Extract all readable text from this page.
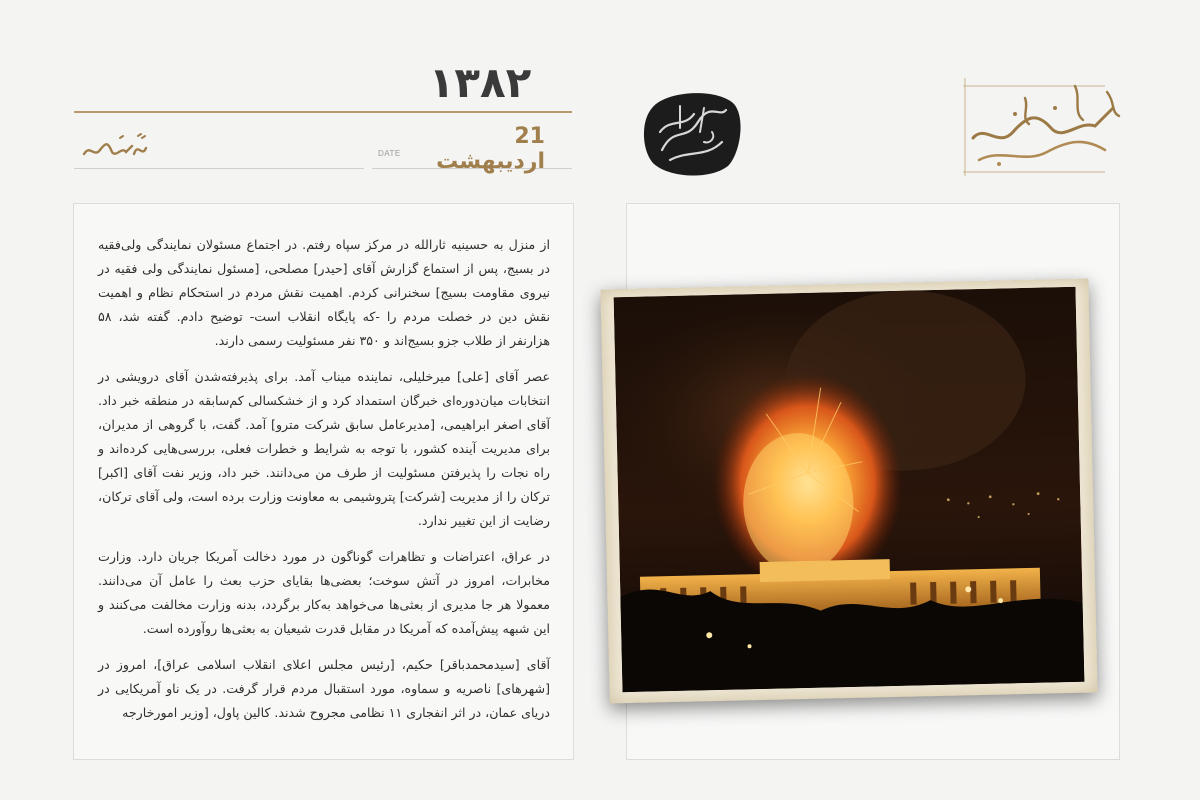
۱۳۸۲
21 اردیبهشت
DATE

از منزل به حسینیه ثارالله در مرکز سپاه رفتم. در اجتماع مسئولان نمایندگی ولی‌فقیه در بسیج، پس از استماع گزارش آقای [حیدر] مصلحی، [مسئول نمایندگی ولی فقیه در نیروی مقاومت بسیج] سخنرانی کردم. اهمیت نقش مردم در استحکام نظام و اهمیت نقش دین در خصلت مردم را -که پایگاه انقلاب است- توضیح دادم. گفته شد، ۵۸ هزارنفر از طلاب جزو بسیج‌اند و ۳۵۰ نفر مسئولیت رسمی دارند.

عصر آقای [علی] میرخلیلی، نماینده میناب آمد. برای پذیرفته‌شدن آقای درویشی در انتخابات میان‌دوره‌ای خبرگان استمداد کرد و از خشکسالی کم‌سابقه در منطقه خبر داد. آقای اصغر ابراهیمی، [مدیرعامل سابق شرکت مترو] آمد. گفت، با گروهی از مدیران، برای مدیریت آینده کشور، با توجه به شرایط و خطرات فعلی، بررسی‌هایی کرده‌اند و راه نجات را پذیرفتن مسئولیت از طرف من می‌دانند. خبر داد، وزیر نفت آقای [اکبر] ترکان را از مدیریت [شرکت] پتروشیمی به معاونت وزارت برده است، ولی آقای ترکان، رضایت از این تغییر ندارد.

در عراق، اعتراضات و تظاهرات گوناگون در مورد دخالت آمریکا جریان دارد. وزارت مخابرات، امروز در آتش سوخت؛ بعضی‌ها بقایای حزب بعث را عامل آن می‌دانند. معمولا هر جا مدیری از بعثی‌ها می‌خواهد به‌کار برگردد، بدنه وزارت مخالفت می‌کنند و این شبهه پیش‌آمده که آمریکا در مقابل قدرت شیعیان به بعثی‌ها روآورده است.

آقای [سیدمحمدباقر] حکیم، [رئیس مجلس اعلای انقلاب اسلامی عراق]، امروز در [شهرهای] ناصریه و سماوه، مورد استقبال مردم قرار گرفت. در یک ناو آمریکایی در دریای عمان، در اثر انفجاری ۱۱ نظامی مجروح شدند. کالین پاول، [وزیر امورخارجه
